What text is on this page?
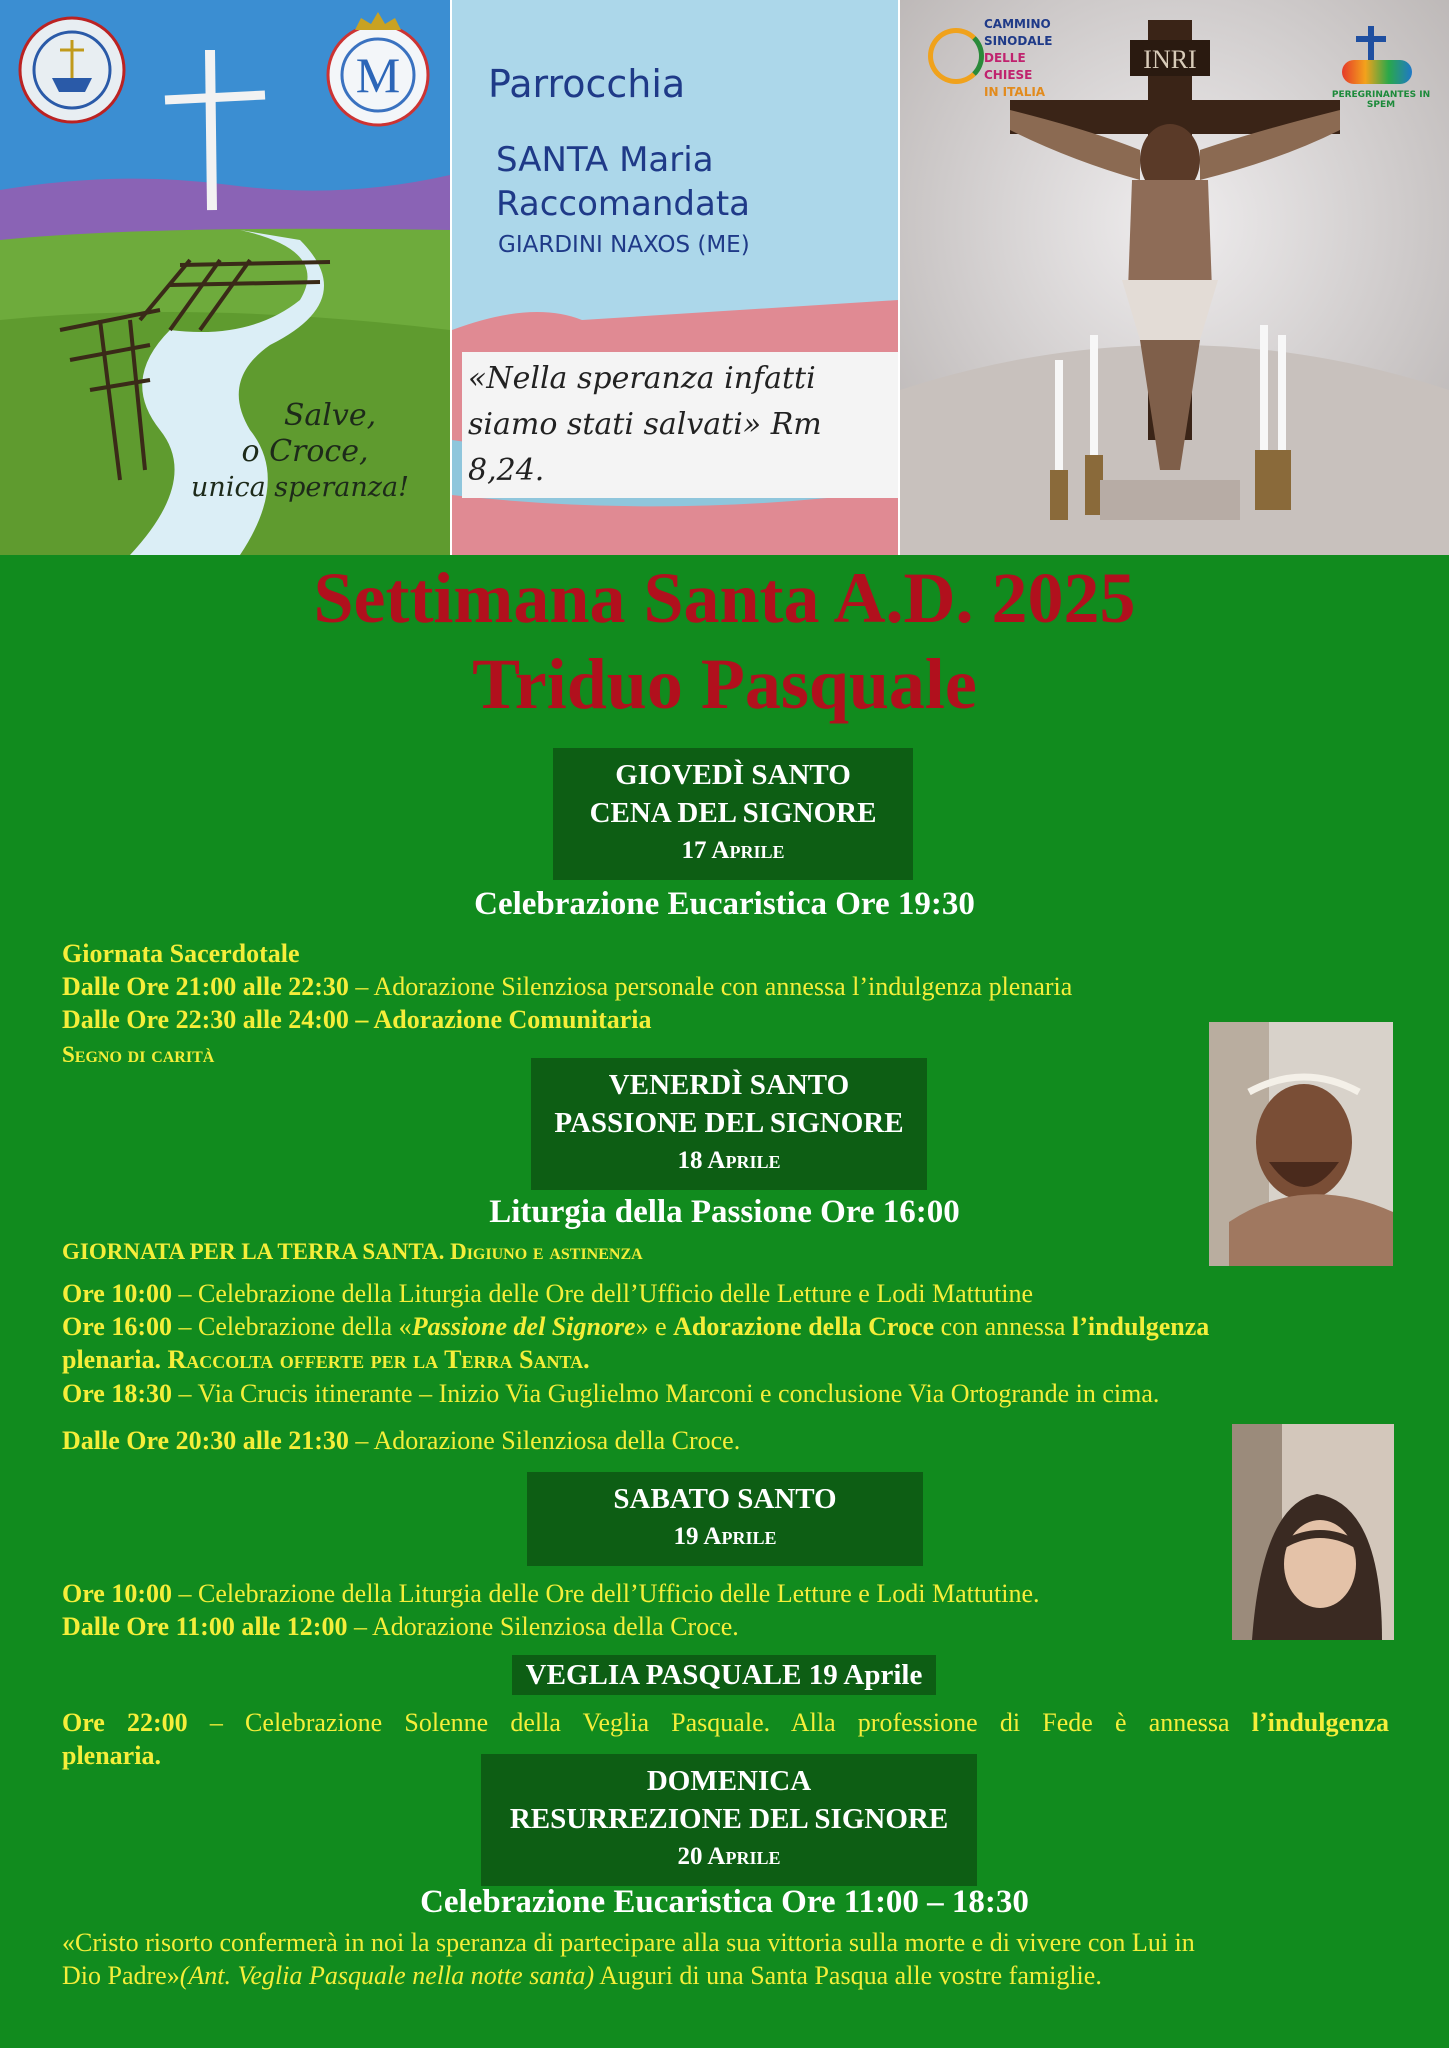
M
Salve,
o Croce,
unica speranza!
Parrocchia
SANTA Maria
Raccomandata
GIARDINI NAXOS (ME)
«Nella speranza infatti
siamo stati salvati» Rm
8,24.
INRI
CAMMINO
SINODALE
DELLE CHIESE
IN ITALIA	PEREGRINANTES IN SPEM
Settimana Santa A.D. 2025
Triduo Pasquale
GIOVEDÌ SANTO
CENA DEL SIGNORE
17 Aprile
Celebrazione Eucaristica Ore 19:30
Giornata Sacerdotale
Dalle Ore 21:00 alle 22:30 – Adorazione Silenziosa personale con annessa l’indulgenza plenaria
Dalle Ore 22:30 alle 24:00 – Adorazione Comunitaria
Segno di carità
VENERDÌ SANTO
PASSIONE DEL SIGNORE
18 Aprile
Liturgia della Passione Ore 16:00
GIORNATA PER LA TERRA SANTA. Digiuno e astinenza
Ore 10:00 – Celebrazione della Liturgia delle Ore dell’Ufficio delle Letture e Lodi Mattutine
Ore 16:00 – Celebrazione della «Passione del Signore» e Adorazione della Croce con annessa l’indulgenza
plenaria. Raccolta offerte per la Terra Santa.
Ore 18:30 – Via Crucis itinerante – Inizio Via Guglielmo Marconi e conclusione Via Ortogrande in cima.
Dalle Ore 20:30 alle 21:30 – Adorazione Silenziosa della Croce.
SABATO SANTO
19 Aprile
Ore 10:00 – Celebrazione della Liturgia delle Ore dell’Ufficio delle Letture e Lodi Mattutine.
Dalle Ore 11:00 alle 12:00 – Adorazione Silenziosa della Croce.
VEGLIA PASQUALE 19 Aprile
Ore 22:00 – Celebrazione Solenne della Veglia Pasquale. Alla professione di Fede è annessa l’indulgenza
plenaria.
DOMENICA
RESURREZIONE DEL SIGNORE
20 Aprile
Celebrazione Eucaristica Ore 11:00 – 18:30
«Cristo risorto confermerà in noi la speranza di partecipare alla sua vittoria sulla morte e di vivere con Lui in
Dio Padre»(Ant. Veglia Pasquale nella notte santa) Auguri di una Santa Pasqua alle vostre famiglie.
